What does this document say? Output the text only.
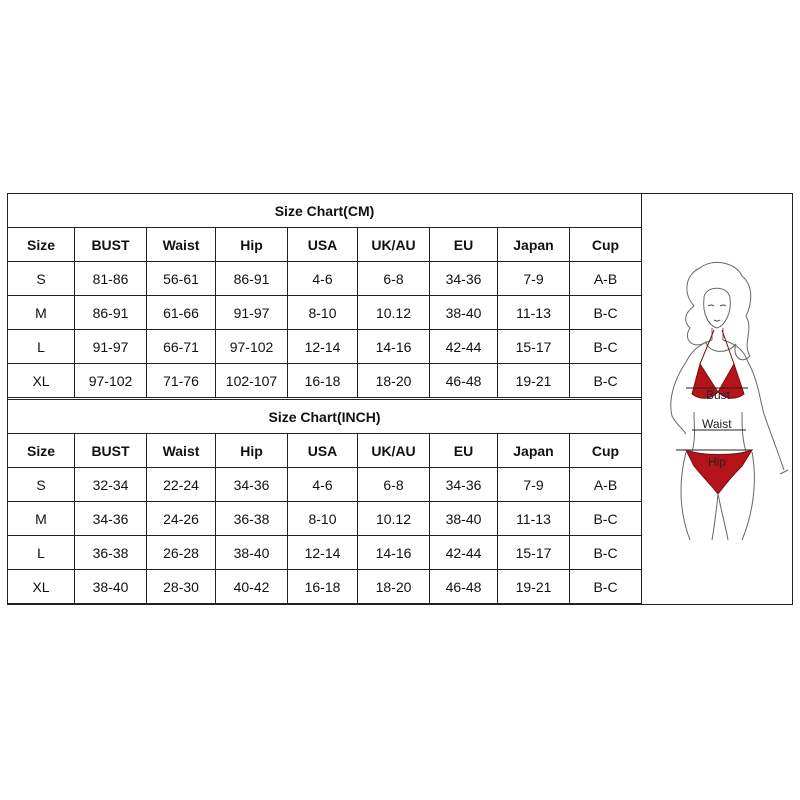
Size Chart(CM)								
Size	BUST	Waist	Hip	USA	UK/AU	EU	Japan	Cup
S	81-86	56-61	86-91	4-6	6-8	34-36	7-9	A-B
M	86-91	61-66	91-97	8-10	10.12	38-40	11-13	B-C
L	91-97	66-71	97-102	12-14	14-16	42-44	15-17	B-C
XL	97-102	71-76	102-107	16-18	18-20	46-48	19-21	B-C
Size Chart(INCH)								
Size	BUST	Waist	Hip	USA	UK/AU	EU	Japan	Cup
S	32-34	22-24	34-36	4-6	6-8	34-36	7-9	A-B
M	34-36	24-26	36-38	8-10	10.12	38-40	11-13	B-C
L	36-38	26-28	38-40	12-14	14-16	42-44	15-17	B-C
XL	38-40	28-30	40-42	16-18	18-20	46-48	19-21	B-C
Bust
Waist
Hip
